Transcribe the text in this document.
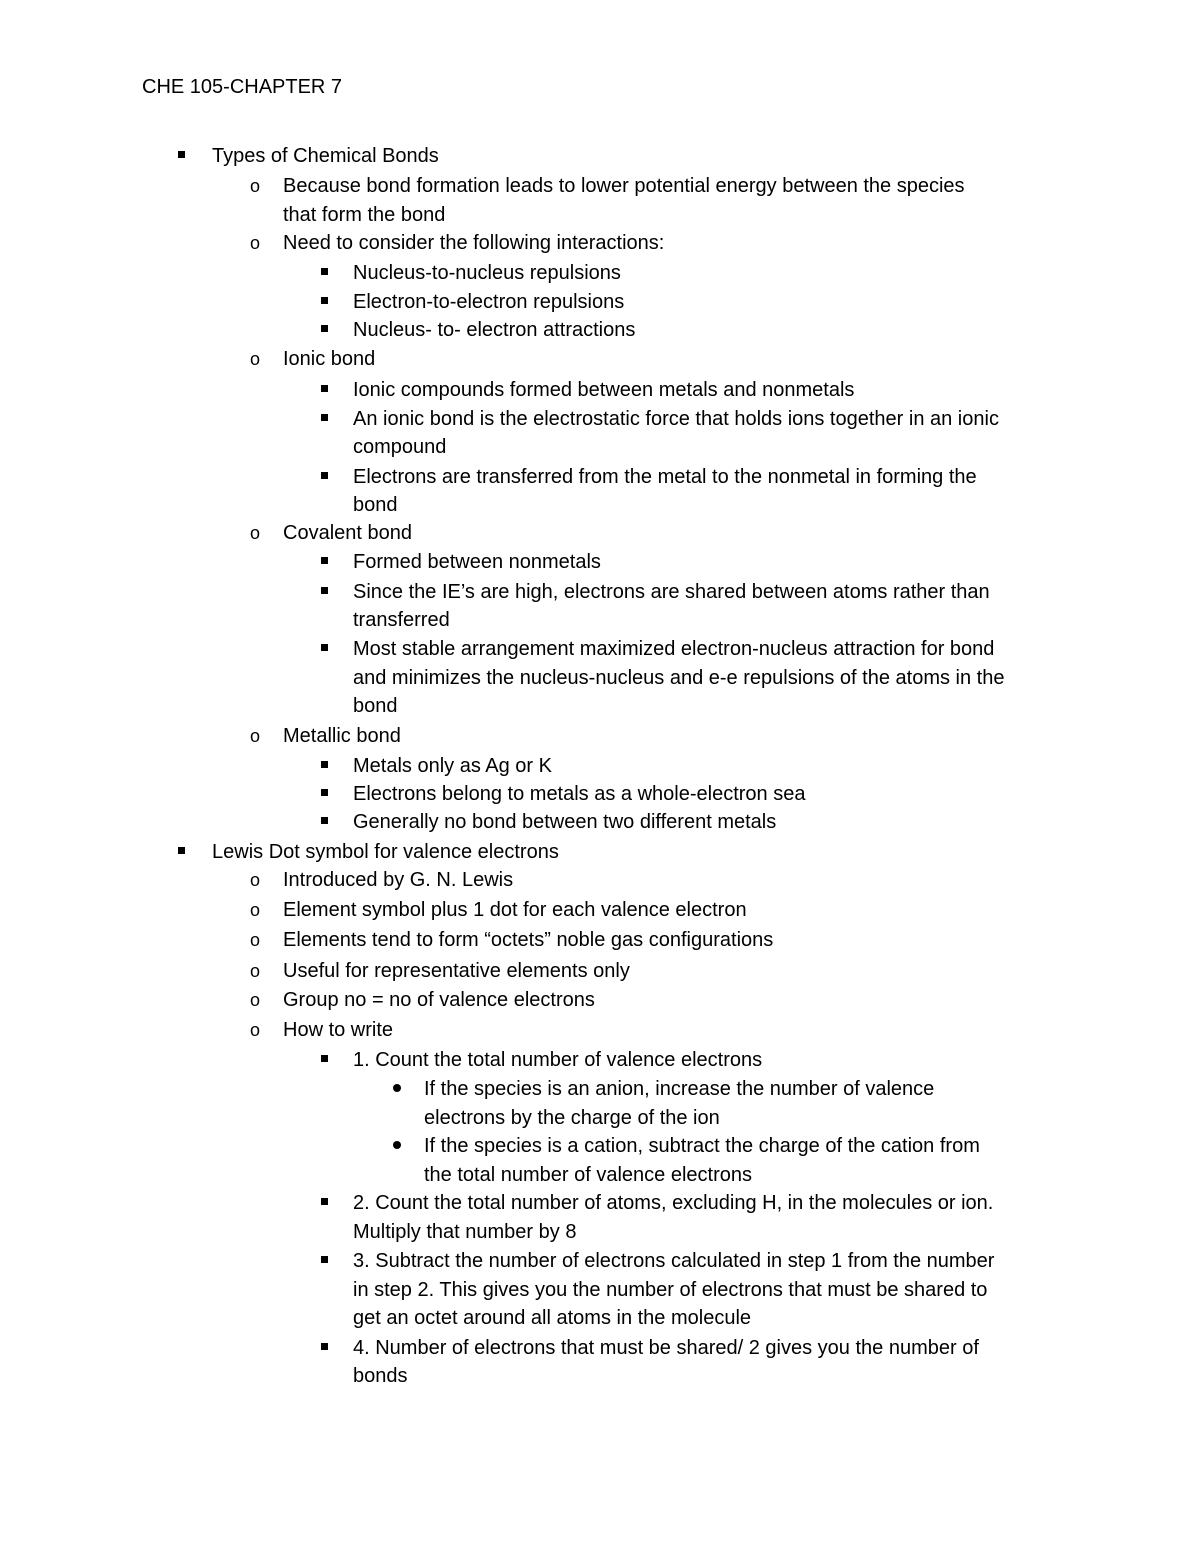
CHE 105-CHAPTER 7
Types of Chemical Bonds
o Because bond formation leads to lower potential energy between the species
that form the bond
o Need to consider the following interactions:
Nucleus-to-nucleus repulsions
Electron-to-electron repulsions
Nucleus- to- electron attractions
o Ionic bond
Ionic compounds formed between metals and nonmetals
An ionic bond is the electrostatic force that holds ions together in an ionic
compound
Electrons are transferred from the metal to the nonmetal in forming the
bond
o Covalent bond
Formed between nonmetals
Since the IE’s are high, electrons are shared between atoms rather than
transferred
Most stable arrangement maximized electron-nucleus attraction for bond
and minimizes the nucleus-nucleus and e-e repulsions of the atoms in the
bond
o Metallic bond
Metals only as Ag or K
Electrons belong to metals as a whole-electron sea
Generally no bond between two different metals
Lewis Dot symbol for valence electrons
o Introduced by G. N. Lewis
o Element symbol plus 1 dot for each valence electron
o Elements tend to form “octets” noble gas configurations
o Useful for representative elements only
o Group no = no of valence electrons
o How to write
1. Count the total number of valence electrons
If the species is an anion, increase the number of valence
electrons by the charge of the ion
If the species is a cation, subtract the charge of the cation from
the total number of valence electrons
2. Count the total number of atoms, excluding H, in the molecules or ion.
Multiply that number by 8
3. Subtract the number of electrons calculated in step 1 from the number
in step 2. This gives you the number of electrons that must be shared to
get an octet around all atoms in the molecule
4. Number of electrons that must be shared/ 2 gives you the number of
bonds
